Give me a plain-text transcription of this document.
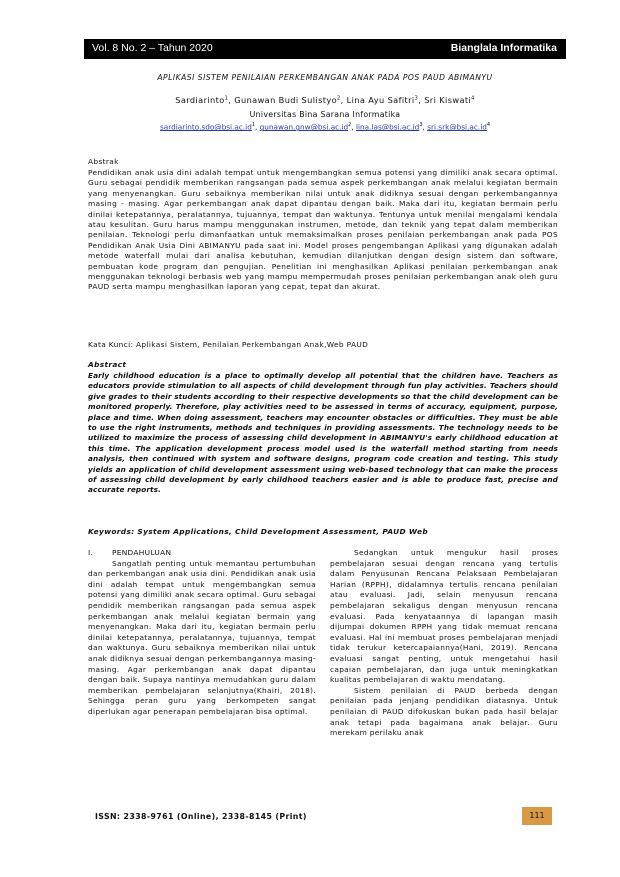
Vol. 8 No. 2 – Tahun 2020	Bianglala Informatika
APLIKASI SISTEM PENILAIAN PERKEMBANGAN ANAK PADA POS PAUD ABIMANYU
Sardiarinto$^1$, Gunawan Budi Sulistyo$^2$, Lina Ayu Safitri$^3$, Sri Kiswati$^4$
Universitas Bina Sarana Informatika
$sardiarinto.sdo@bsi.ac.id^1$, $gunawan.gnw@bsi.ac.id^2$, $lina.las@bsi.ac.id^3$, $sri.srk@bsi.ac.id^4$
Abstrak
Pendidikan anak usia dini adalah tempat untuk mengembangkan semua potensi yang dimiliki anak secara optimal. Guru sebagai pendidik memberikan rangsangan pada semua aspek perkembangan anak melalui kegiatan bermain yang menyenangkan. Guru sebaiknya memberikan nilai untuk anak didiknya sesuai dengan perkembangannya masing - masing. Agar perkembangan anak dapat dipantau dengan baik. Maka dari itu, kegiatan bermain perlu dinilai ketepatannya, peralatannya, tujuannya, tempat dan waktunya. Tentunya untuk menilai mengalami kendala atau kesulitan. Guru harus mampu menggunakan instrumen, metode, dan teknik yang tepat dalam memberikan penilaian. Teknologi perlu dimanfaatkan untuk memaksimalkan proses penilaian perkembangan anak pada POS Pendidikan Anak Usia Dini ABIMANYU pada saat ini. Model proses pengembangan Aplikasi yang digunakan adalah metode waterfall mulai dari analisa kebutuhan, kemudian dilanjutkan dengan design sistem dan software, pembuatan kode program dan pengujian. Penelitian ini menghasilkan Aplikasi penilaian perkembangan anak menggunakan teknologi berbasis web yang mampu mempermudah proses penilaian perkembangan anak oleh guru PAUD serta mampu menghasilkan laporan yang cepat, tepat dan akurat.
Kata Kunci: Aplikasi Sistem, Penilaian Perkembangan Anak,Web PAUD
Abstract
Early childhood education is a place to optimally develop all potential that the children have. Teachers as educators provide stimulation to all aspects of child development through fun play activities. Teachers should give grades to their students according to their respective developments so that the child development can be monitored properly. Therefore, play activities need to be assessed in terms of accuracy, equipment, purpose, place and time. When doing assessment, teachers may encounter obstacles or difficulties. They must be able to use the right instruments, methods and techniques in providing assessments. The technology needs to be utilized to maximize the process of assessing child development in ABIMANYU's early childhood education at this time. The application development process model used is the waterfall method starting from needs analysis, then continued with system and software designs, program code creation and testing. This study yields an application of child development assessment using web-based technology that can make the process of assessing child development by early childhood teachers easier and is able to produce fast, precise and accurate reports.
Keywords: System Applications, Child Development Assessment, PAUD Web
I.	PENDAHULUAN

Sangatlah penting untuk memantau pertumbuhan dan perkembangan anak usia dini. Pendidikan anak usia dini adalah tempat untuk mengembangkan semua potensi yang dimiliki anak secara optimal. Guru sebagai pendidik memberikan rangsangan pada semua aspek perkembangan anak melalui kegiatan bermain yang menyenangkan. Maka dari itu, kegiatan bermain perlu dinilai ketepatannya, peralatannya, tujuannya, tempat dan waktunya. Guru sebaiknya memberikan nilai untuk anak didiknya sesuai dengan perkembangannya masing-masing. Agar perkembangan anak dapat dipantau dengan baik. Supaya nantinya memudahkan guru dalam memberikan pembelajaran selanjutnya(Khairi, 2018). Sehingga peran guru yang berkompeten sangat diperlukan agar penerapan pembelajaran bisa optimal.

Sedangkan untuk mengukur hasil proses pembelajaran sesuai dengan rencana yang tertulis dalam Penyusunan Rencana Pelaksaan Pembelajaran Harian (RPPH), didalamnya tertulis rencana penilaian atau evaluasi. Jadi, selain menyusun rencana pembelajaran sekaligus dengan menyusun rencana evaluasi. Pada kenyataannya di lapangan masih dijumpai dokumen RPPH yang tidak memuat rencana evaluasi. Hal ini membuat proses pembelajaran menjadi tidak terukur ketercapaiannya(Hani, 2019). Rencana evaluasi sangat penting, untuk mengetahui hasil capaian pembelajaran, dan juga untuk meningkatkan kualitas pembelajaran di waktu mendatang.

Sistem penilaian di PAUD berbeda dengan penilaian pada jenjang pendidikan diatasnya. Untuk penilaian di PAUD difokuskan bukan pada hasil belajar anak tetapi pada bagaimana anak belajar. Guru merekam perilaku anak

ISSN: 2338-9761 (Online), 2338-8145 (Print)	111
